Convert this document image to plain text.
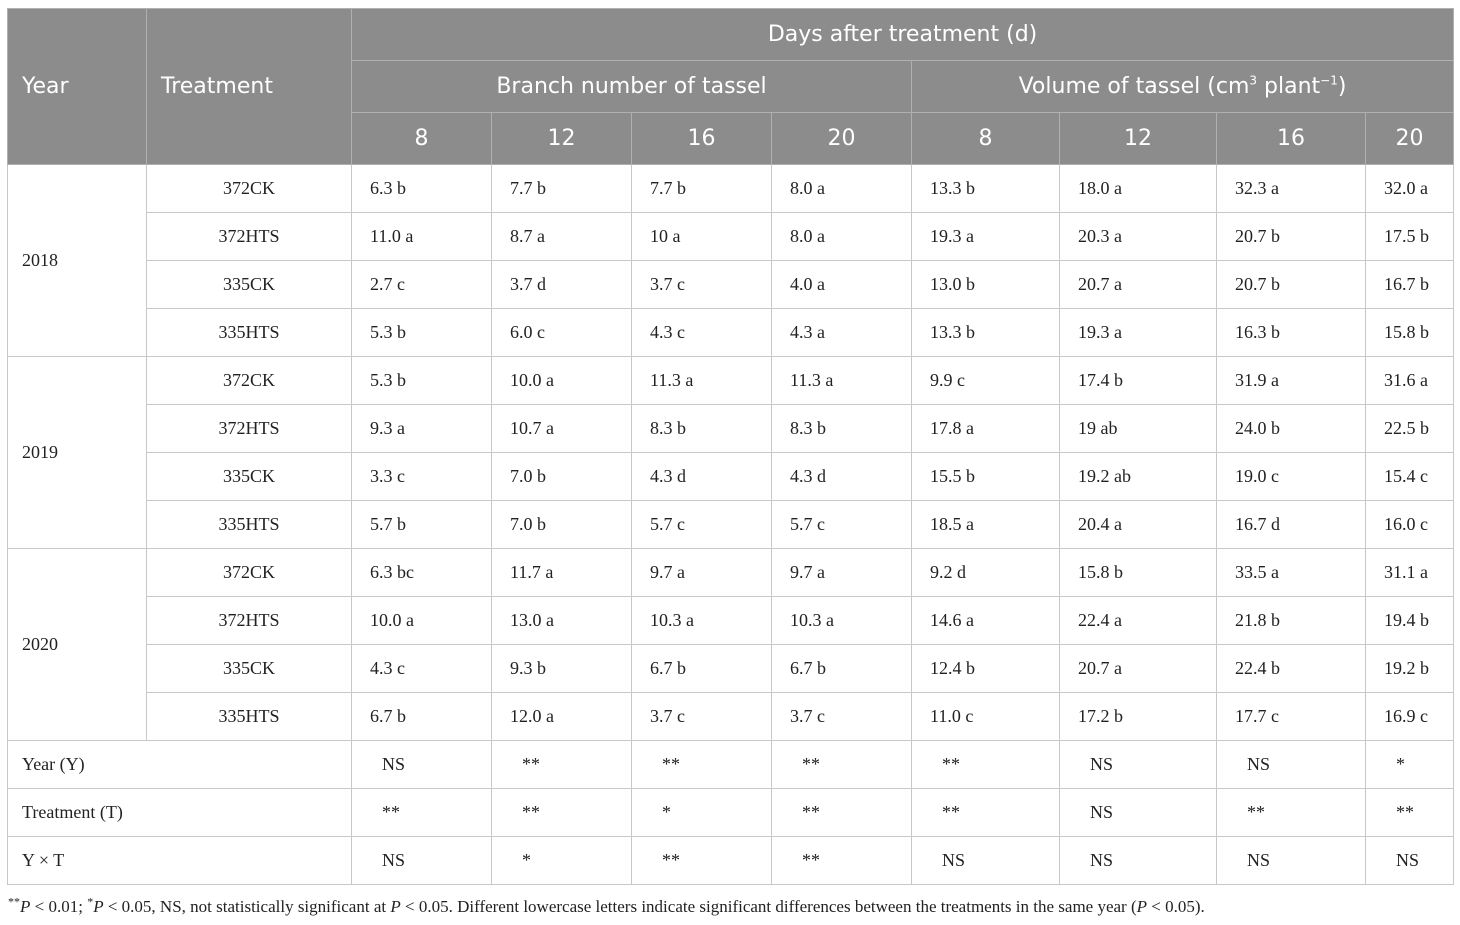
Year	Treatment	Days after treatment (d)							
		Branch number of tassel				Volume of tassel ($cm^3$ plant$^{-1}$)			
		8	12	16	20	8	12	16	20
2018	372CK	6.3 b	7.7 b	7.7 b	8.0 a	13.3 b	18.0 a	32.3 a	32.0 a
	372HTS	11.0 a	8.7 a	10 a	8.0 a	19.3 a	20.3 a	20.7 b	17.5 b
	335CK	2.7 c	3.7 d	3.7 c	4.0 a	13.0 b	20.7 a	20.7 b	16.7 b
	335HTS	5.3 b	6.0 c	4.3 c	4.3 a	13.3 b	19.3 a	16.3 b	15.8 b
2019	372CK	5.3 b	10.0 a	11.3 a	11.3 a	9.9 c	17.4 b	31.9 a	31.6 a
	372HTS	9.3 a	10.7 a	8.3 b	8.3 b	17.8 a	19 ab	24.0 b	22.5 b
	335CK	3.3 c	7.0 b	4.3 d	4.3 d	15.5 b	19.2 ab	19.0 c	15.4 c
	335HTS	5.7 b	7.0 b	5.7 c	5.7 c	18.5 a	20.4 a	16.7 d	16.0 c
2020	372CK	6.3 bc	11.7 a	9.7 a	9.7 a	9.2 d	15.8 b	33.5 a	31.1 a
	372HTS	10.0 a	13.0 a	10.3 a	10.3 a	14.6 a	22.4 a	21.8 b	19.4 b
	335CK	4.3 c	9.3 b	6.7 b	6.7 b	12.4 b	20.7 a	22.4 b	19.2 b
	335HTS	6.7 b	12.0 a	3.7 c	3.7 c	11.0 c	17.2 b	17.7 c	16.9 c
Year (Y)		NS	**	**	**	**	NS	NS	*
Treatment (T)		**	**	*	**	**	NS	**	**
Y × T		NS	*	**	**	NS	NS	NS	NS
**P < 0.01; *P < 0.05, NS, not statistically significant at P < 0.05. Different lowercase letters indicate significant differences between the treatments in the same year (P < 0.05).
